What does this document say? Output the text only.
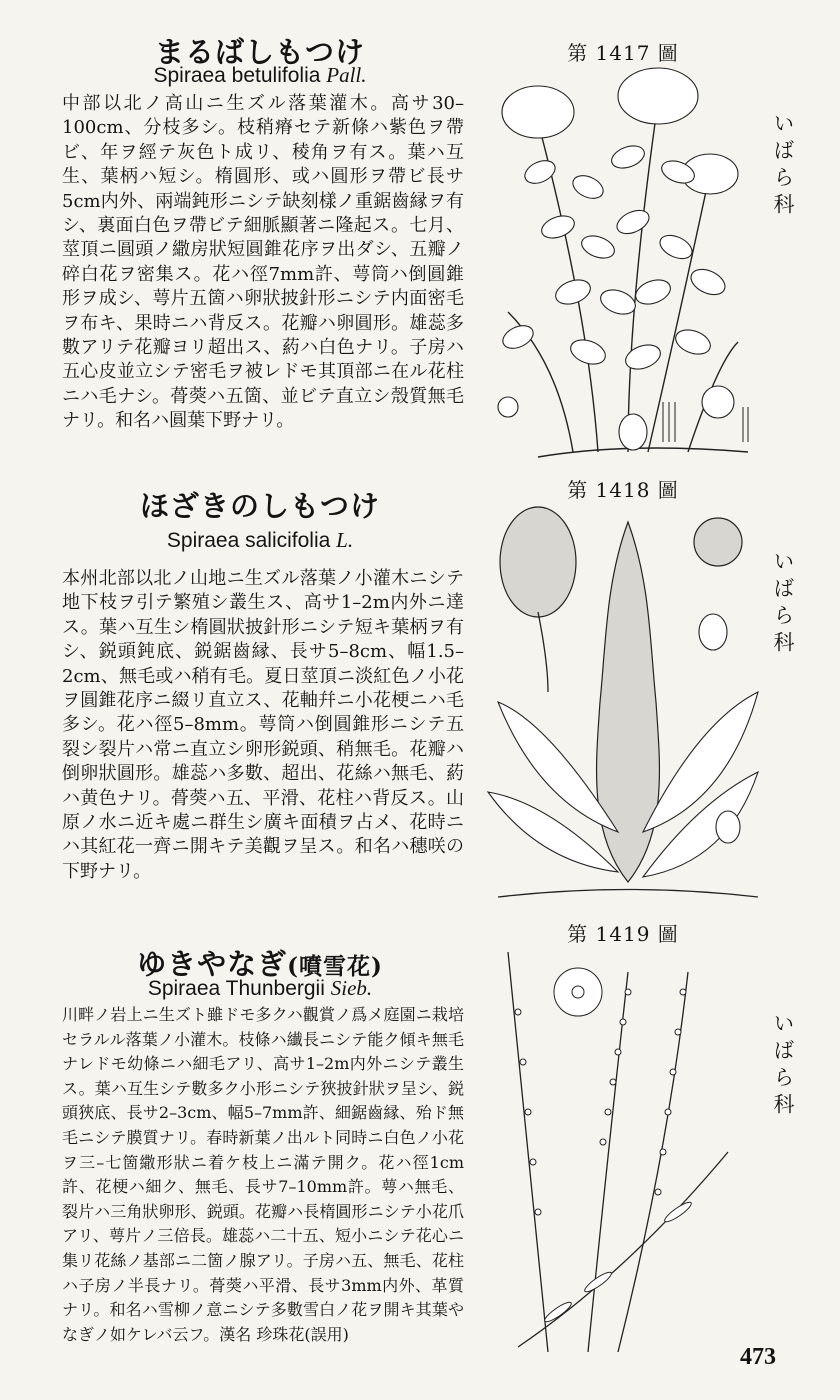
まるばしもつけ
Spiraea betulifolia Pall.
中部以北ノ高山ニ生ズル落葉灌木。高サ30–100cm、分枝多シ。枝稍瘠セテ新條ハ紫色ヲ帶ビ、年ヲ經テ灰色ト成リ、稜角ヲ有ス。葉ハ互生、葉柄ハ短シ。楕圓形、或ハ圓形ヲ帶ビ長サ5cm内外、兩端鈍形ニシテ缺刻樣ノ重鋸齒縁ヲ有シ、裏面白色ヲ帶ビテ細脈顯著ニ隆起ス。七月、莖頂ニ圓頭ノ繖房狀短圓錐花序ヲ出ダシ、五瓣ノ碎白花ヲ密集ス。花ハ徑7mm許、萼筒ハ倒圓錐形ヲ成シ、萼片五箇ハ卵狀披針形ニシテ内面密毛ヲ布キ、果時ニハ背反ス。花瓣ハ卵圓形。雄蕊多數アリテ花瓣ヨリ超出ス、葯ハ白色ナリ。子房ハ五心皮並立シテ密毛ヲ被レドモ其頂部ニ在ル花柱ニハ毛ナシ。蓇葖ハ五箇、並ビテ直立シ殼質無毛ナリ。和名ハ圓葉下野ナリ。
第 1417 圖
いばら科
ほざきのしもつけ
Spiraea salicifolia L.
本州北部以北ノ山地ニ生ズル落葉ノ小灌木ニシテ地下枝ヲ引テ繁殖シ叢生ス、高サ1–2m内外ニ達ス。葉ハ互生シ楕圓狀披針形ニシテ短キ葉柄ヲ有シ、鋭頭鈍底、鋭鋸齒縁、長サ5–8cm、幅1.5–2cm、無毛或ハ稍有毛。夏日莖頂ニ淡紅色ノ小花ヲ圓錐花序ニ綴リ直立ス、花軸幷ニ小花梗ニハ毛多シ。花ハ徑5–8mm。萼筒ハ倒圓錐形ニシテ五裂シ裂片ハ常ニ直立シ卵形鋭頭、稍無毛。花瓣ハ倒卵狀圓形。雄蕊ハ多數、超出、花絲ハ無毛、葯ハ黄色ナリ。蓇葖ハ五、平滑、花柱ハ背反ス。山原ノ水ニ近キ處ニ群生シ廣キ面積ヲ占メ、花時ニハ其紅花一齊ニ開キテ美觀ヲ呈ス。和名ハ穗咲の下野ナリ。
第 1418 圖
いばら科
ゆきやなぎ(噴雪花)
Spiraea Thunbergii Sieb.
川畔ノ岩上ニ生ズト雖ドモ多クハ觀賞ノ爲メ庭園ニ栽培セラルル落葉ノ小灌木。枝條ハ纎長ニシテ能ク傾キ無毛ナレドモ幼條ニハ細毛アリ、高サ1–2m内外ニシテ叢生ス。葉ハ互生シテ數多ク小形ニシテ狹披針狀ヲ呈シ、鋭頭狹底、長サ2–3cm、幅5–7mm許、細鋸齒縁、殆ド無毛ニシテ膜質ナリ。春時新葉ノ出ルト同時ニ白色ノ小花ヲ三–七箇繖形狀ニ着ケ枝上ニ滿テ開ク。花ハ徑1cm許、花梗ハ細ク、無毛、長サ7–10mm許。萼ハ無毛、裂片ハ三角狀卵形、鋭頭。花瓣ハ長楕圓形ニシテ小花爪アリ、萼片ノ三倍長。雄蕊ハ二十五、短小ニシテ花心ニ集リ花絲ノ基部ニ二箇ノ腺アリ。子房ハ五、無毛、花柱ハ子房ノ半長ナリ。蓇葖ハ平滑、長サ3mm内外、革質ナリ。和名ハ雪柳ノ意ニシテ多數雪白ノ花ヲ開キ其葉やなぎノ如ケレバ云フ。漢名 珍珠花(誤用)
第 1419 圖
いばら科
473
